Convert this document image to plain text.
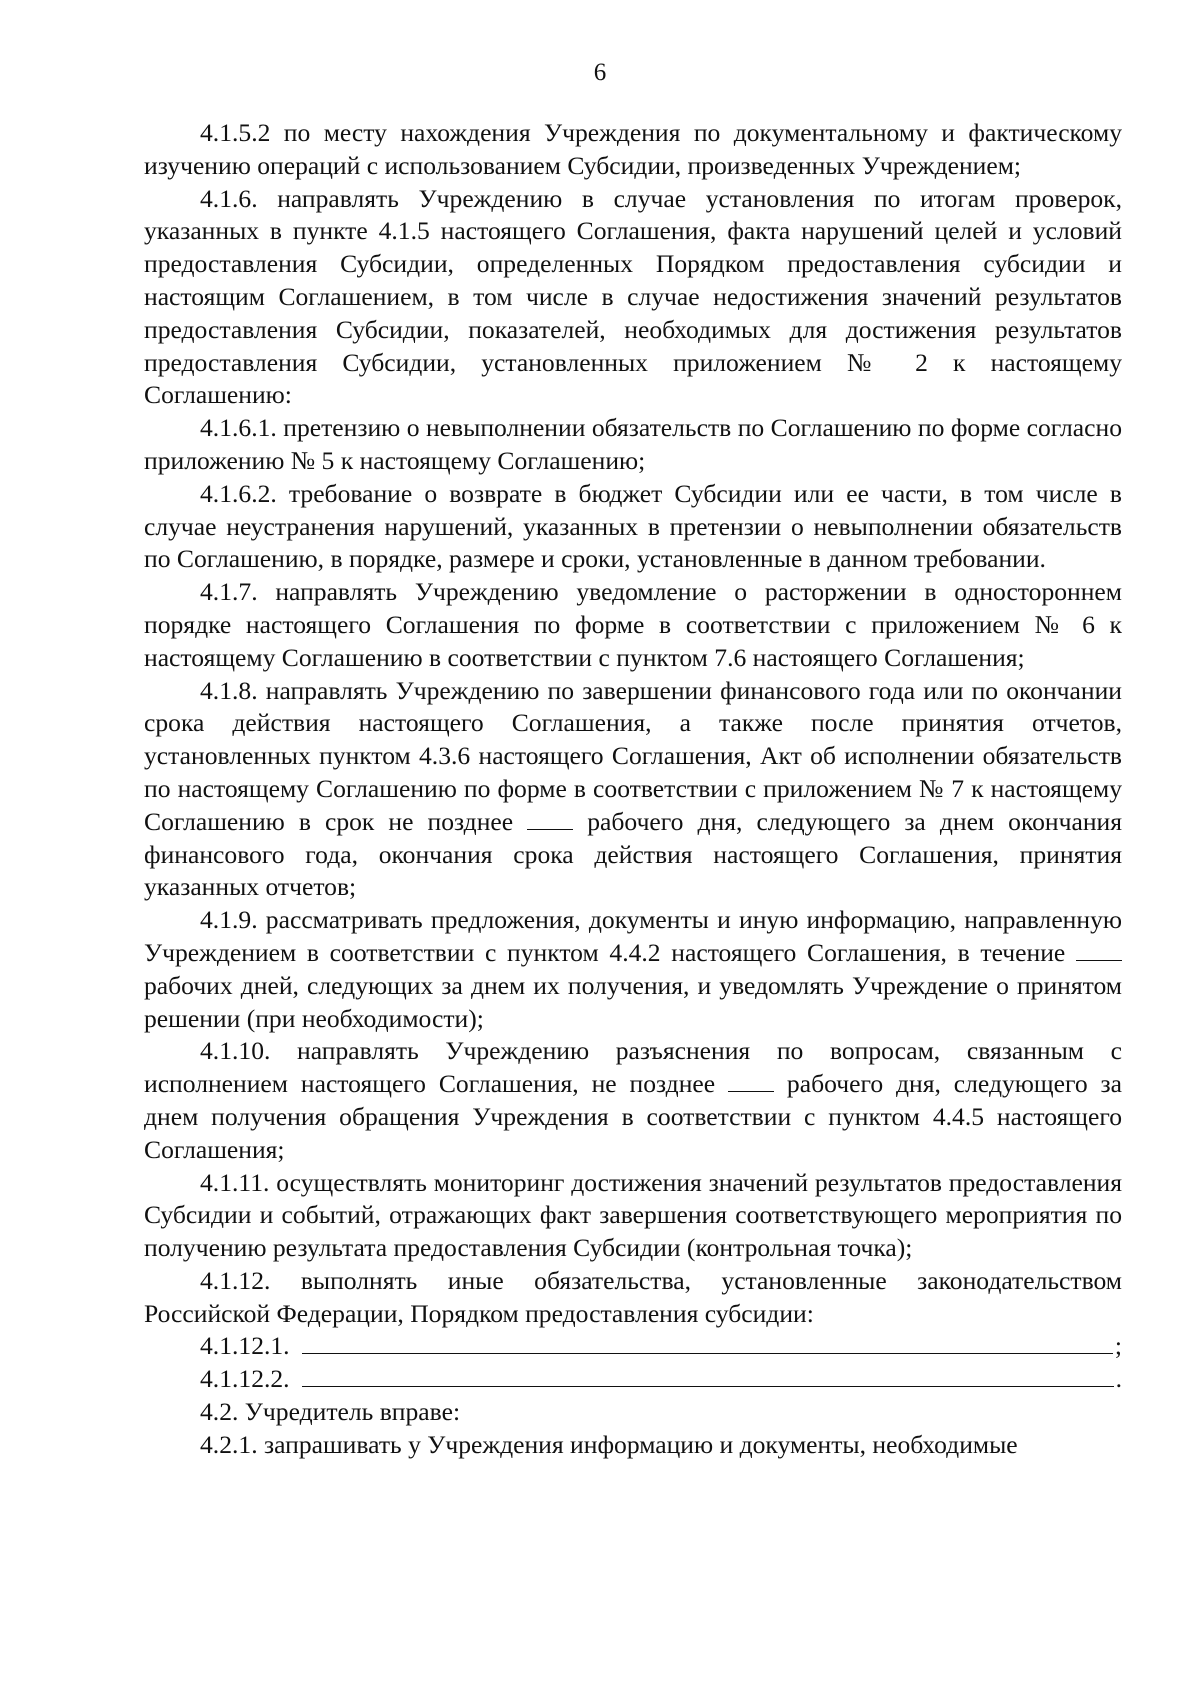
6

4.1.5.2 по месту нахождения Учреждения по документальному и фактическому изучению операций с использованием Субсидии, произведенных Учреждением;

4.1.6. направлять Учреждению в случае установления по итогам проверок, указанных в пункте 4.1.5 настоящего Соглашения, факта нарушений целей и условий предоставления Субсидии, определенных Порядком предоставления субсидии и настоящим Соглашением, в том числе в случае недостижения значений результатов предоставления Субсидии, показателей, необходимых для достижения результатов предоставления Субсидии, установленных приложением № 2 к настоящему Соглашению:

4.1.6.1. претензию о невыполнении обязательств по Соглашению по форме согласно приложению № 5 к настоящему Соглашению;

4.1.6.2. требование о возврате в бюджет Субсидии или ее части, в том числе в случае неустранения нарушений, указанных в претензии о невыполнении обязательств по Соглашению, в порядке, размере и сроки, установленные в данном требовании.

4.1.7. направлять Учреждению уведомление о расторжении в одностороннем порядке настоящего Соглашения по форме в соответствии с приложением № 6 к настоящему Соглашению в соответствии с пунктом 7.6 настоящего Соглашения;

4.1.8. направлять Учреждению по завершении финансового года или по окончании срока действия настоящего Соглашения, а также после принятия отчетов, установленных пунктом 4.3.6 настоящего Соглашения, Акт об исполнении обязательств по настоящему Соглашению по форме в соответствии с приложением № 7 к настоящему Соглашению в срок не позднее	рабочего дня, следующего за днем окончания финансового года, окончания срока действия настоящего Соглашения, принятия указанных отчетов;

4.1.9. рассматривать предложения, документы и иную информацию, направленную Учреждением в соответствии с пунктом 4.4.2 настоящего Соглашения, в течение  рабочих дней, следующих за днем их получения, и уведомлять Учреждение о принятом решении (при необходимости);

4.1.10. направлять Учреждению разъяснения по вопросам, связанным с исполнением настоящего Соглашения, не позднее	рабочего дня, следующего за днем получения обращения Учреждения в соответствии с пунктом 4.4.5 настоящего Соглашения;

4.1.11. осуществлять мониторинг достижения значений результатов предоставления Субсидии и событий, отражающих факт завершения соответствующего мероприятия по получению результата предоставления Субсидии (контрольная точка);

4.1.12. выполнять иные обязательства, установленные законодательством Российской Федерации, Порядком предоставления субсидии:

4.1.12.1.	;
4.1.12.2.	.

4.2. Учредитель вправе:

4.2.1. запрашивать у Учреждения информацию и документы, необходимые
